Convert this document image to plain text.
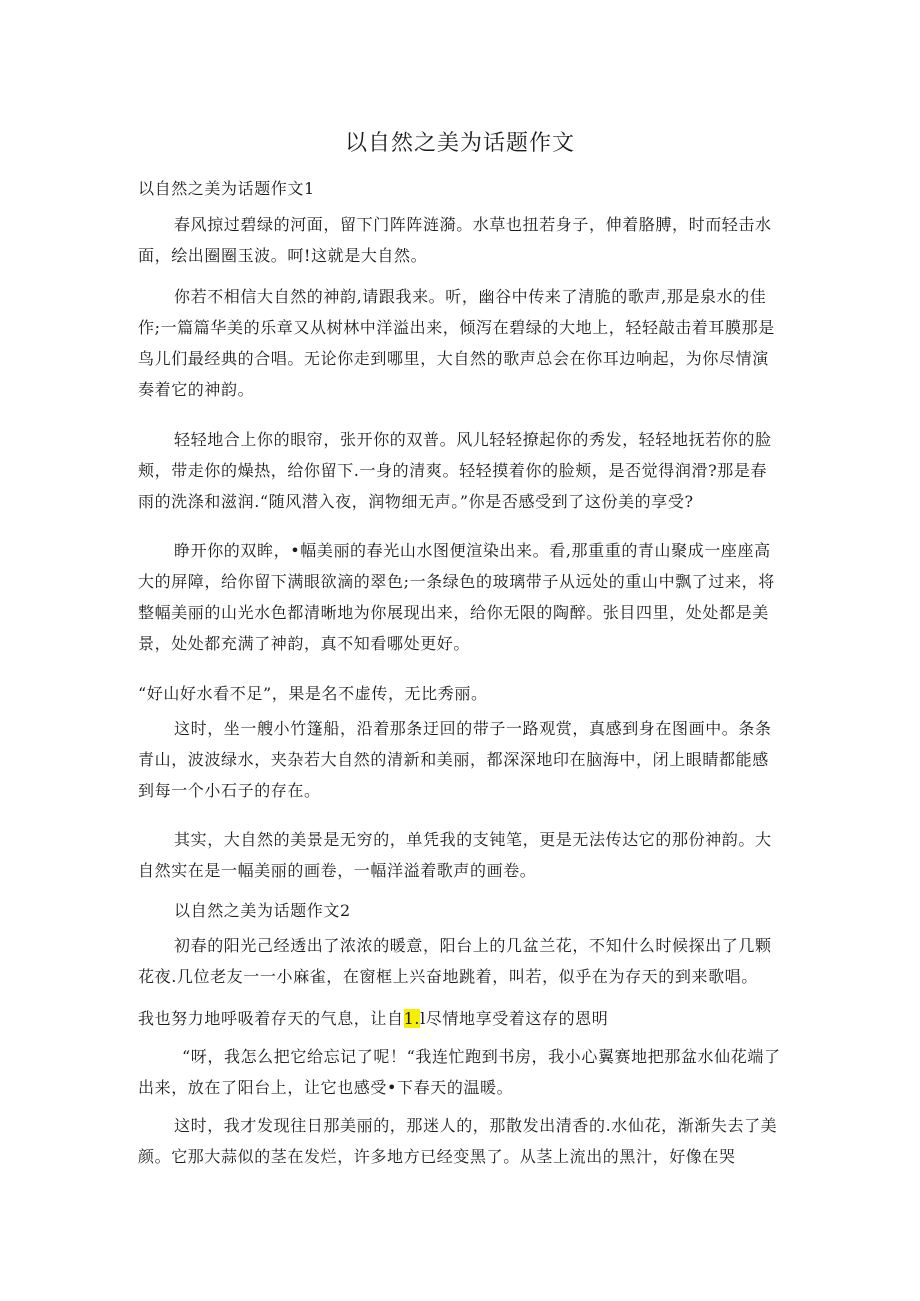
以自然之美为话题作文
以自然之美为话题作文1
春风掠过碧绿的河面，留下门阵阵涟漪。水草也扭若身子，伸着胳膊，时而轻击水面，绘出圈圈玉波。呵!这就是大自然。
你若不相信大自然的神韵,请跟我来。听，幽谷中传来了清脆的歌声,那是泉水的佳作;一篇篇华美的乐章又从树林中洋溢出来，倾泻在碧绿的大地上，轻轻敲击着耳膜那是鸟儿们最经典的合唱。无论你走到哪里，大自然的歌声总会在你耳边响起，为你尽情演奏着它的神韵。
轻轻地合上你的眼帘，张开你的双普。风儿轻轻撩起你的秀发，轻轻地抚若你的脸颊，带走你的燥热，给你留下.一身的清爽。轻轻摸着你的脸颊，是否觉得润滑?那是春雨的洗涤和滋润.“随风潜入夜，润物细无声。”你是否感受到了这份美的享受?
睁开你的双眸，•幅美丽的春光山水图便渲染出来。看,那重重的青山聚成一座座高大的屏障，给你留下满眼欲滴的翠色;一条绿色的玻璃带子从远处的重山中飘了过来，将整幅美丽的山光水色都清晰地为你展现出来，给你无限的陶醉。张目四里，处处都是美景，处处都充满了神韵，真不知看哪处更好。
“好山好水看不足”，果是名不虚传，无比秀丽。
这时，坐一艘小竹篷船，沿着那条迂回的带子一路观赏，真感到身在图画中。条条青山，波波绿水，夹杂若大自然的清新和美丽，都深深地印在脑海中，闭上眼睛都能感到每一个小石子的存在。
其实，大自然的美景是无穷的，单凭我的支钝笔，更是无法传达它的那份神韵。大自然实在是一幅美丽的画卷，一幅洋溢着歌声的画卷。
以自然之美为话题作文2
初春的阳光己经透出了浓浓的暖意，阳台上的几盆兰花，不知什么时候探出了几颗花夜.几位老友一一小麻雀，在窗框上兴奋地跳着，叫若，似乎在为存天的到来歌唱。
我也努力地呼吸着存天的气息，让自1.l尽情地享受着这存的恩明
“呀，我怎么把它给忘记了呢！“我连忙跑到书房，我小心翼赛地把那盆水仙花端了出来，放在了阳台上，让它也感受•下春天的温暖。
这时，我才发现往日那美丽的，那迷人的，那散发出清香的.水仙花，渐渐失去了美颜。它那大蒜似的茎在发烂，许多地方已经变黑了。从茎上流出的黑汁，好像在哭
